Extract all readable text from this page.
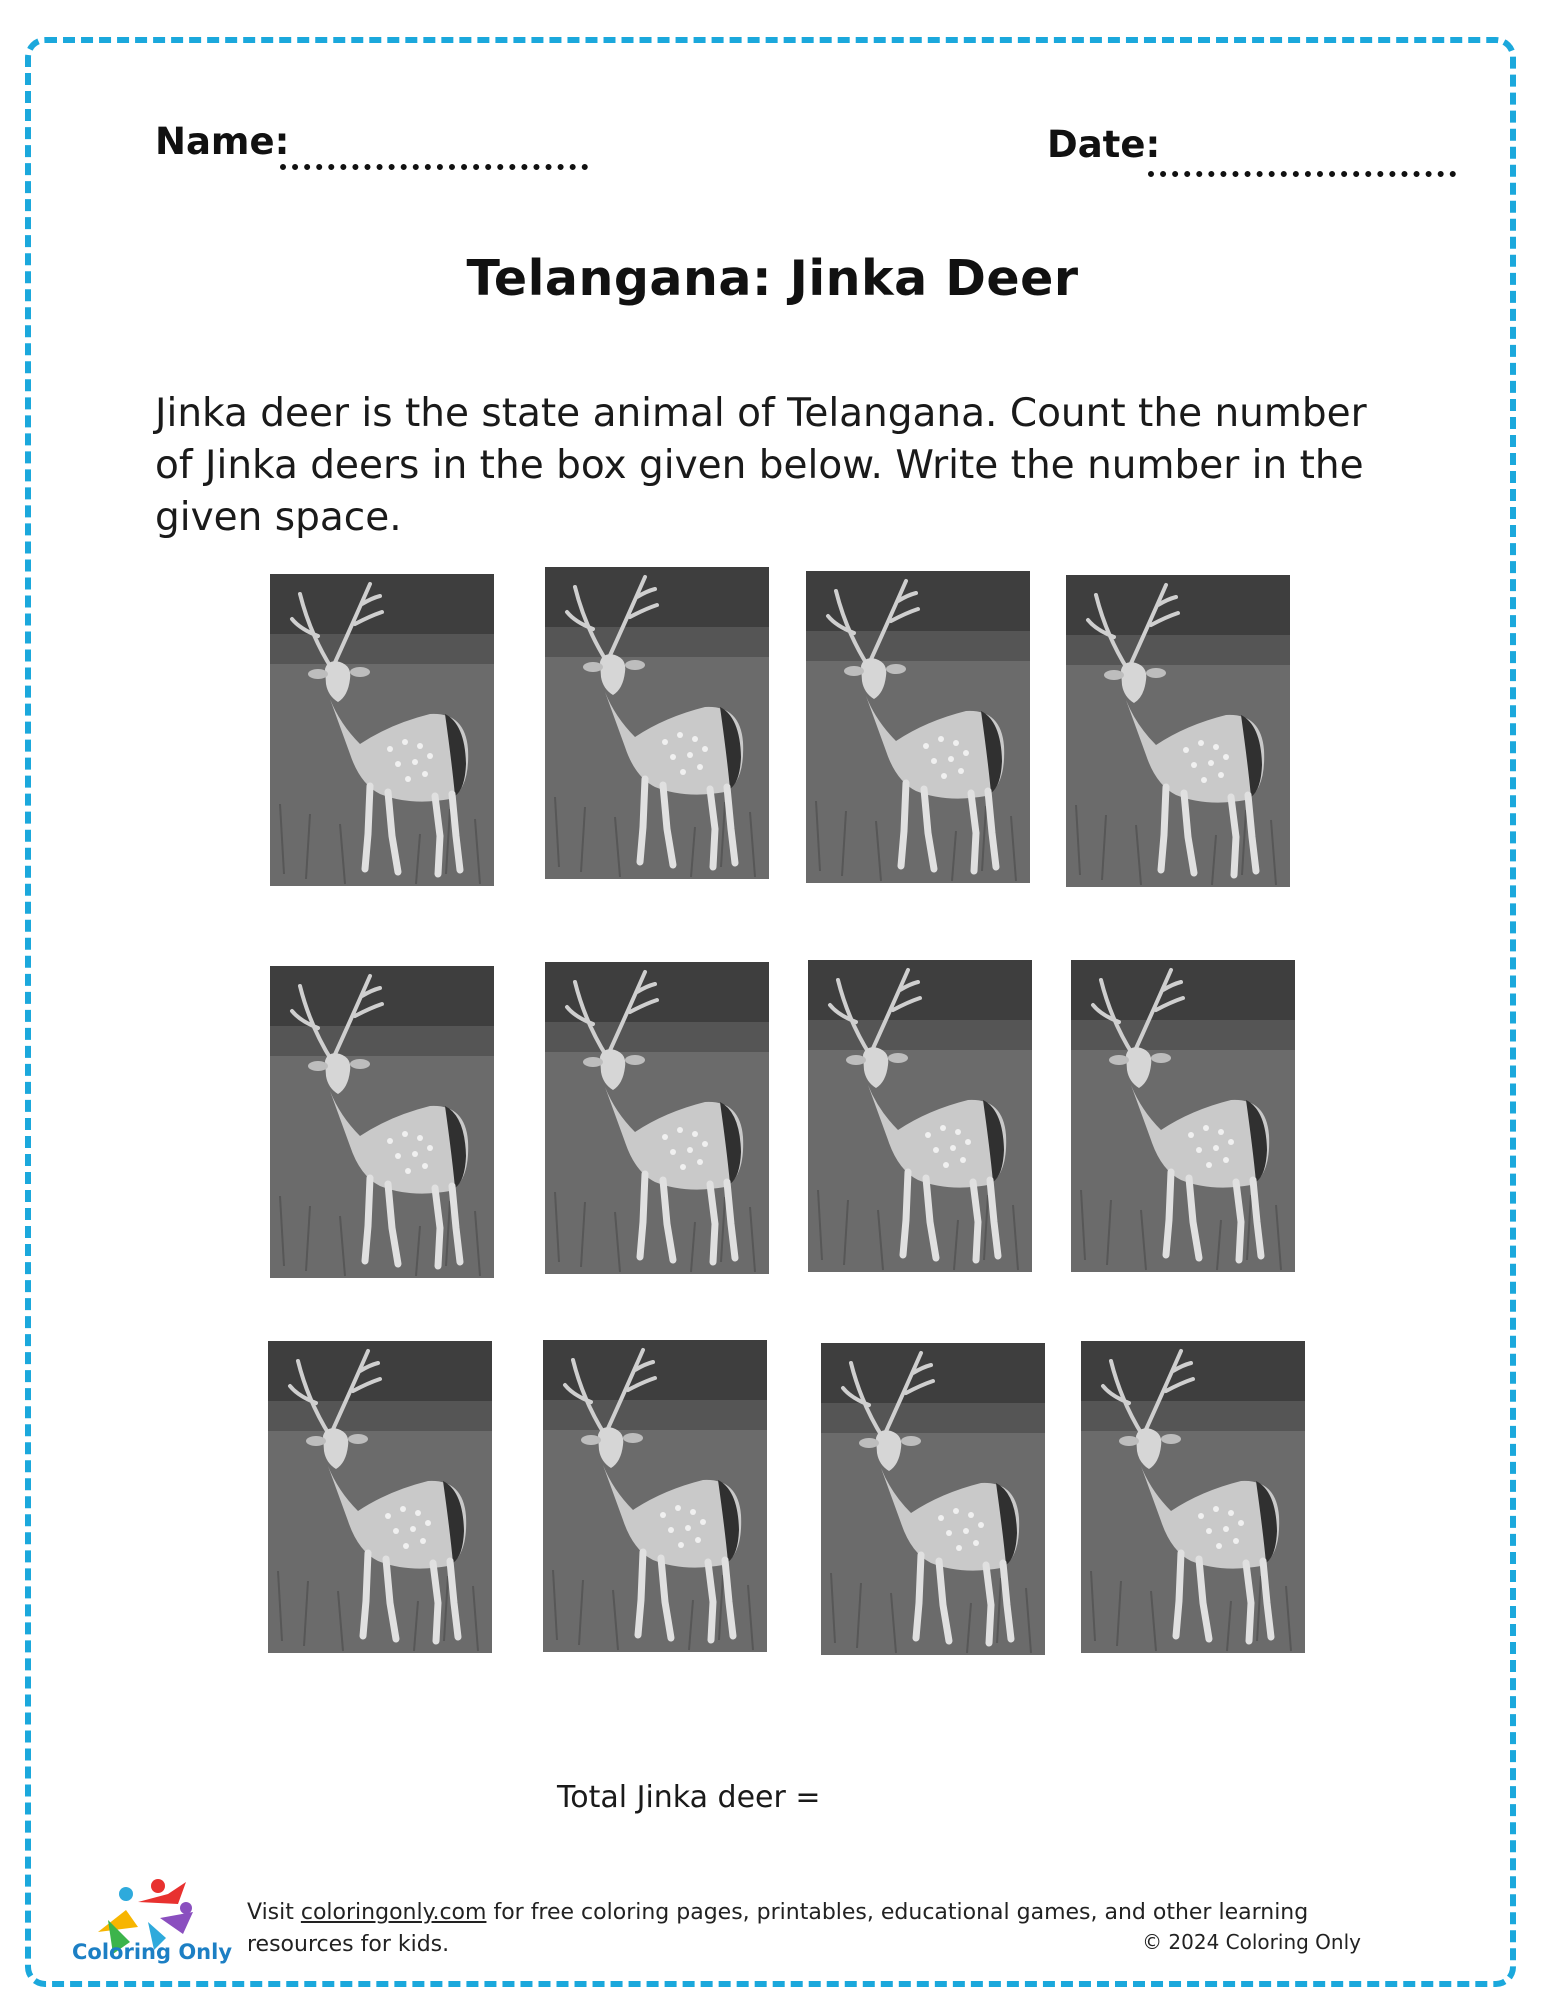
Name:	Date:
Telangana: Jinka Deer
Jinka deer is the state animal of Telangana. Count the number of Jinka deers in the box given below. Write the number in the given space.
Total Jinka deer =
Coloring Only
Visit coloringonly.com for free coloring pages, printables, educational games, and other learning resources for kids.	© 2024 Coloring Only
